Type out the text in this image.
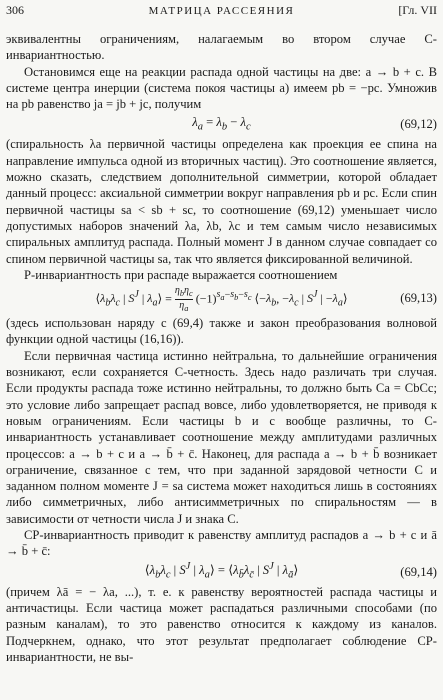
306	МАТРИЦА РАССЕЯНИЯ	[Гл. VII

эквивалентны ограничениям, налагаемым во втором случае C-инвариантностью.

Остановимся еще на реакции распада одной частицы на две: a → b + c. В системе центра инерции (система покоя частицы a) имеем pb = −pc. Умножив на pb равенство ja = jb + jc, получим

$\lambda_a = \lambda_b - \lambda_c$	(69,12)

(спиральность λa первичной частицы определена как проекция ее спина на направление импульса одной из вторичных частиц). Это соотношение является, можно сказать, следствием дополнительной симметрии, которой обладает данный процесс: аксиальной симметрии вокруг направления pb и pc. Если спин первичной частицы sa < sb + sc, то соотношение (69,12) уменьшает число допустимых наборов значений λa, λb, λc и тем самым число независимых спиральных амплитуд распада. Полный момент J в данном случае совпадает со спином первичной частицы sa, так что является фиксированной величиной.

P-инвариантность при распаде выражается соотношением

$⟨\lambda_b\lambda_c$ | $S^J$ | $\lambda_a⟩$ =
$\eta_b\eta_c$
$\eta_a$
$(-1)^{s_a-s_b-s_c}$ $⟨-\lambda_b$, $-\lambda_c$ | $S^J$ | $-\lambda_a⟩$	(69,13)

(здесь использован наряду с (69,4) также и закон преобразования волновой функции одной частицы (16,16)).

Если первичная частица истинно нейтральна, то дальнейшие ограничения возникают, если сохраняется C-четность. Здесь надо различать три случая. Если продукты распада тоже истинно нейтральны, то должно быть Ca = CbCc; это условие либо запрещает распад вовсе, либо удовлетворяется, не приводя к новым ограничениям. Если частицы b и c вообще различны, то C-инвариантность устанавливает соотношение между амплитудами различных процессов: a → b + c и a → b̄ + c̄. Наконец, для распада a → b + b̄ возникает ограничение, связанное с тем, что при заданной зарядовой четности C и заданном полном моменте J = sa система может находиться лишь в состояниях либо симметричных, либо антисимметричных по спиральностям — в зависимости от четности числа J и знака C.

CP-инвариантность приводит к равенству амплитуд распадов a → b + c и ā → b̄ + c̄:

$⟨\lambda_b\lambda_c$ | $S^J$ | $\lambda_a⟩$ = $⟨\lambda_{b̄}\lambda_{c̄}$ | $S^J$ | $\lambda_ā⟩$	(69,14)

(причем λā = − λa, ...), т. е. к равенству вероятностей распада частицы и античастицы. Если частица может распадаться различными способами (по разным каналам), то это равенство относится к каждому из каналов. Подчеркнем, однако, что этот результат предполагает соблюдение CP-инвариантности, не вы-
